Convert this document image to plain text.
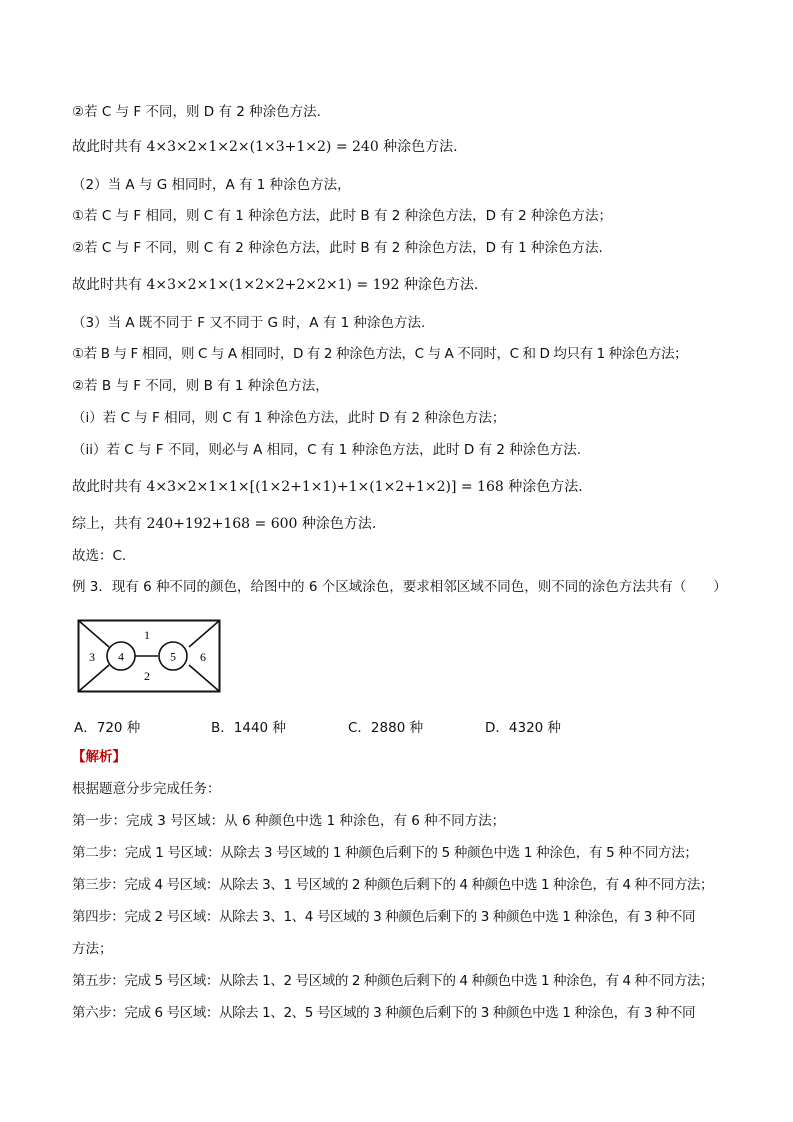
②若 C 与 F 不同，则 D 有 2 种涂色方法.
故此时共有 4×3×2×1×2×(1×3+1×2) = 240 种涂色方法.
（2）当 A 与 G 相同时，A 有 1 种涂色方法，
①若 C 与 F 相同，则 C 有 1 种涂色方法，此时 B 有 2 种涂色方法，D 有 2 种涂色方法；
②若 C 与 F 不同，则 C 有 2 种涂色方法，此时 B 有 2 种涂色方法，D 有 1 种涂色方法.
故此时共有 4×3×2×1×(1×2×2+2×2×1) = 192 种涂色方法.
（3）当 A 既不同于 F 又不同于 G 时，A 有 1 种涂色方法.
①若 B 与 F 相同，则 C 与 A 相同时，D 有 2 种涂色方法，C 与 A 不同时，C 和 D 均只有 1 种涂色方法；
②若 B 与 F 不同，则 B 有 1 种涂色方法，
（i）若 C 与 F 相同，则 C 有 1 种涂色方法，此时 D 有 2 种涂色方法；
（ii）若 C 与 F 不同，则必与 A 相同，C 有 1 种涂色方法，此时 D 有 2 种涂色方法.
故此时共有 4×3×2×1×1×[(1×2+1×1)+1×(1×2+1×2)] = 168 种涂色方法.
综上，共有 240+192+168 = 600 种涂色方法.
故选：C.
例 3．现有 6 种不同的颜色，给图中的 6 个区域涂色，要求相邻区域不同色，则不同的涂色方法共有（　　）
1
2
3 4	5 6
A．720 种	B．1440 种	C．2880 种	D．4320 种
【解析】
根据题意分步完成任务：
第一步：完成 3 号区域：从 6 种颜色中选 1 种涂色，有 6 种不同方法；
第二步：完成 1 号区域：从除去 3 号区域的 1 种颜色后剩下的 5 种颜色中选 1 种涂色，有 5 种不同方法；
第三步：完成 4 号区域：从除去 3、1 号区域的 2 种颜色后剩下的 4 种颜色中选 1 种涂色，有 4 种不同方法；
第四步：完成 2 号区域：从除去 3、1、4 号区域的 3 种颜色后剩下的 3 种颜色中选 1 种涂色，有 3 种不同
方法；
第五步：完成 5 号区域：从除去 1、2 号区域的 2 种颜色后剩下的 4 种颜色中选 1 种涂色，有 4 种不同方法；
第六步：完成 6 号区域：从除去 1、2、5 号区域的 3 种颜色后剩下的 3 种颜色中选 1 种涂色，有 3 种不同
